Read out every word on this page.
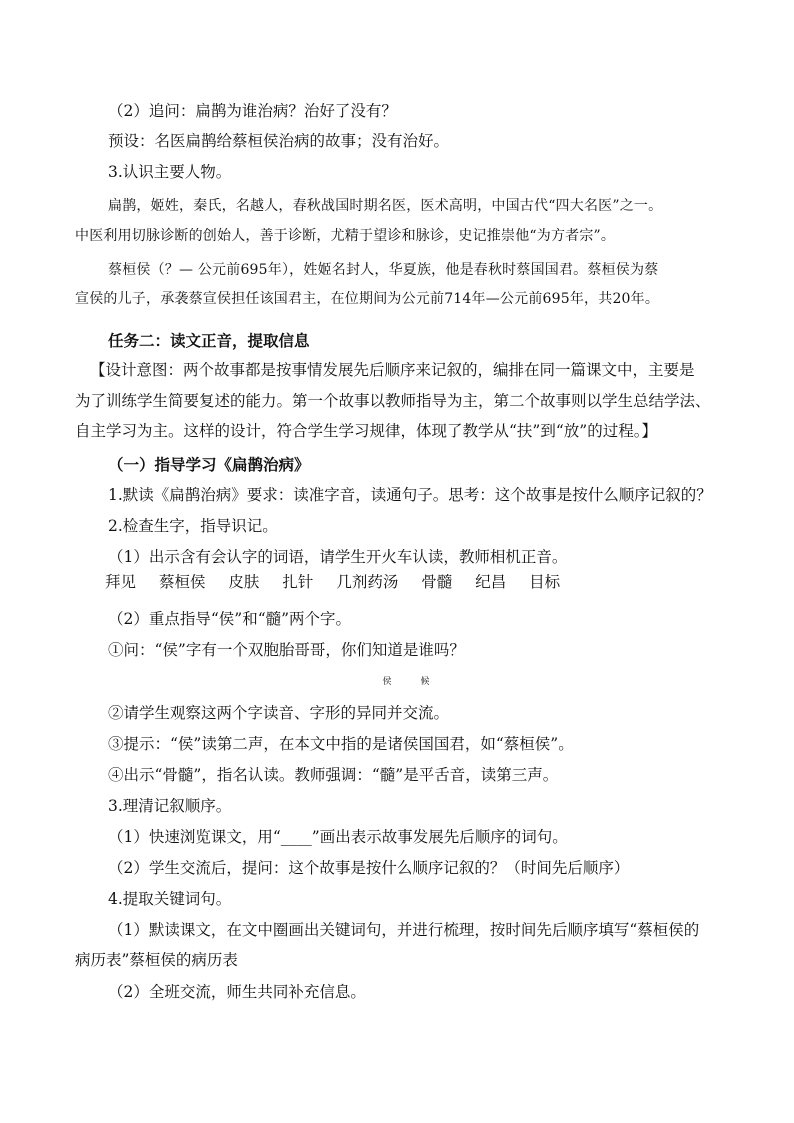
（2）追问：扁鹊为谁治病？治好了没有？
预设：名医扁鹊给蔡桓侯治病的故事；没有治好。
3.认识主要人物。
扁鹊，姬姓，秦氏，名越人，春秋战国时期名医，医术高明，中国古代“四大名医”之一。
中医利用切脉诊断的创始人，善于诊断，尤精于望诊和脉诊，史记推崇他“为方者宗”。
蔡桓侯（？— 公元前695年），姓姬名封人，华夏族，他是春秋时蔡国国君。蔡桓侯为蔡
宣侯的儿子，承袭蔡宣侯担任该国君主，在位期间为公元前714年—公元前695年，共20年。
任务二：读文正音，提取信息
【设计意图：两个故事都是按事情发展先后顺序来记叙的，编排在同一篇课文中，主要是
为了训练学生简要复述的能力。第一个故事以教师指导为主，第二个故事则以学生总结学法、
自主学习为主。这样的设计，符合学生学习规律，体现了教学从“扶”到“放”的过程。】
（一）指导学习《扁鹊治病》
1.默读《扁鹊治病》要求：读准字音，读通句子。思考：这个故事是按什么顺序记叙的？
2.检查生字，指导识记。
（1）出示含有会认字的词语，请学生开火车认读，教师相机正音。
拜见 蔡桓侯 皮肤 扎针 几剂药汤 骨髓 纪昌 目标
（2）重点指导“侯”和“髓”两个字。
①问：“侯”字有一个双胞胎哥哥，你们知道是谁吗？
侯	候
②请学生观察这两个字读音、字形的异同并交流。
③提示：“侯”读第二声，在本文中指的是诸侯国国君，如“蔡桓侯”。
④出示“骨髓”，指名认读。教师强调：“髓”是平舌音，读第三声。
3.理清记叙顺序。
（1）快速浏览课文，用“____”画出表示故事发展先后顺序的词句。
（2）学生交流后，提问：这个故事是按什么顺序记叙的？（时间先后顺序）
4.提取关键词句。
（1）默读课文，在文中圈画出关键词句，并进行梳理，按时间先后顺序填写“蔡桓侯的
病历表”蔡桓侯的病历表
（2）全班交流，师生共同补充信息。
